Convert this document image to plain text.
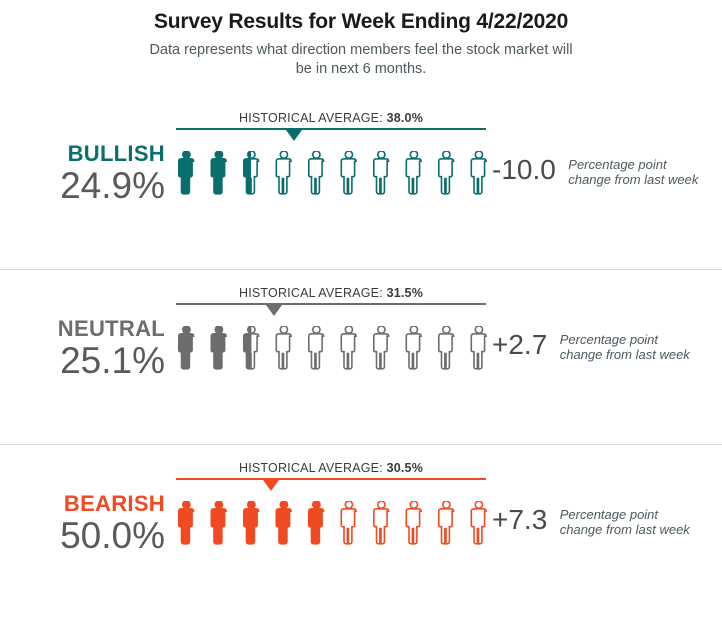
Survey Results for Week Ending 4/22/2020

Data represents what direction members feel the stock market will be in next 6 months.

BULLISH
24.9%
HISTORICAL AVERAGE: 38.0%
-10.0 Percentage point change from last week
NEUTRAL
25.1%
HISTORICAL AVERAGE: 31.5%
+2.7 Percentage point change from last week
BEARISH
50.0%
HISTORICAL AVERAGE: 30.5%
+7.3 Percentage point change from last week
